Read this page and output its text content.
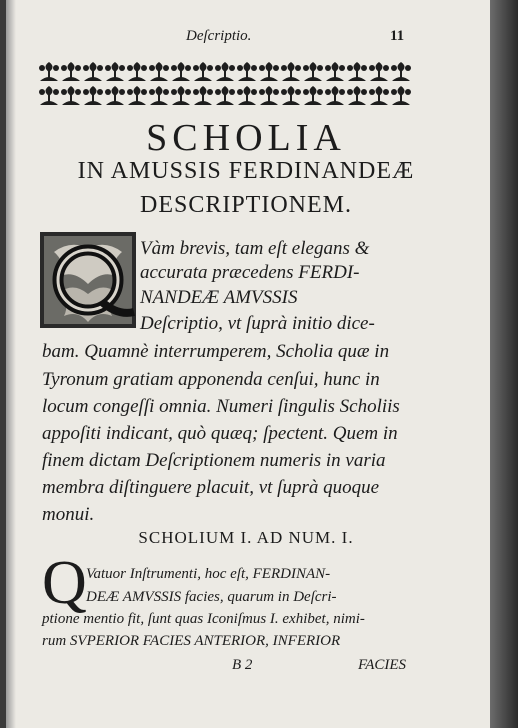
Deſcriptio.	11
SCHOLIA
IN AMUSSIS FERDINANDEÆ
DESCRIPTIONEM.
Vàm brevis, tam eſt elegans &
accurata præcedens FERDI-
NANDEÆ AMVSSIS
Deſcriptio, vt ſuprà initio dice-
bam. Quamnè interrumperem, Scholia quæ in
Tyronum gratiam apponenda cenſui, hunc in
locum congeſſi omnia. Numeri ſingulis Scholiis
appoſiti indicant, quò quæq; ſpectent. Quem in
finem dictam Deſcriptionem numeris in varia
membra diſtinguere placuit, vt ſuprà quoque
monui.
SCHOLIUM I. AD NUM. I.
Q Vatuor Inſtrumenti, hoc eſt, FERDINAN-
DEÆ AMVSSIS facies, quarum in Deſcri-
ptione mentio fit, ſunt quas Iconiſmus I. exhibet, nimi-
rum SVPERIOR FACIES ANTERIOR, INFERIOR
B 2	FACIES
